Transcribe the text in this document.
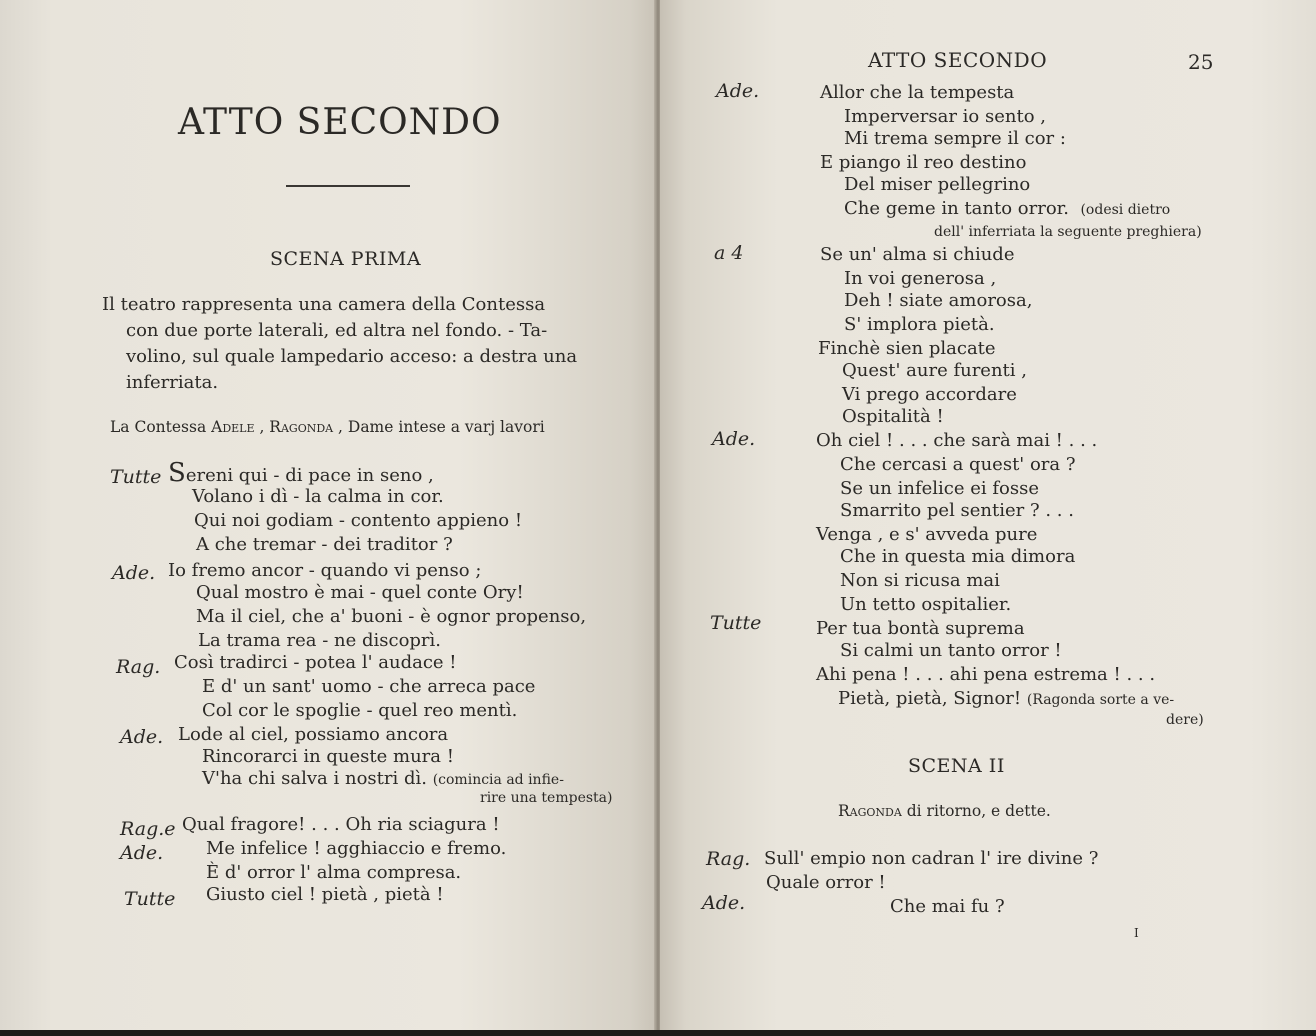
ATTO SECONDO
SCENA PRIMA
Il teatro rappresenta una camera della Contessa
con due porte laterali, ed altra nel fondo. - Ta-
volino, sul quale lampedario acceso: a destra una
inferriata.
La Contessa Adele , Ragonda , Dame intese a varj lavori
Tutte
Ade.
Rag.
Ade.
Rag.e
Ade.
Tutte
Sereni qui - di pace in seno ,
Volano i dì - la calma in cor.
Qui noi godiam - contento appieno !
A che tremar - dei traditor ?
Io fremo ancor - quando vi penso ;
Qual mostro è mai - quel conte Ory!
Ma il ciel, che a' buoni - è ognor propenso,
La trama rea - ne discoprì.
Così tradirci - potea l' audace !
E d' un sant' uomo - che arreca pace
Col cor le spoglie - quel reo mentì.
Lode al ciel, possiamo ancora
Rincorarci in queste mura !
V'ha chi salva i nostri dì. (comincia ad infie-
rire una tempesta)
Qual fragore! . . . Oh ria sciagura !
Me infelice ! agghiaccio e fremo.
È d' orror l' alma compresa.
Giusto ciel ! pietà , pietà !
ATTO SECONDO	25
Ade.
a 4
Ade.
Tutte
Rag.
Ade.
Allor che la tempesta
Imperversar io sento ,
Mi trema sempre il cor :
E piango il reo destino
Del miser pellegrino
Che geme in tanto orror. (odesi dietro
dell' inferriata la seguente preghiera)
Se un' alma si chiude
In voi generosa ,
Deh ! siate amorosa,
S' implora pietà.
Finchè sien placate
Quest' aure furenti ,
Vi prego accordare
Ospitalità !
Oh ciel ! . . . che sarà mai ! . . .
Che cercasi a quest' ora ?
Se un infelice ei fosse
Smarrito pel sentier ? . . .
Venga , e s' avveda pure
Che in questa mia dimora
Non si ricusa mai
Un tetto ospitalier.
Per tua bontà suprema
Si calmi un tanto orror !
Ahi pena ! . . . ahi pena estrema ! . . .
Pietà, pietà, Signor! (Ragonda sorte a ve-
dere)
SCENA II
Ragonda di ritorno, e dette.
Sull' empio non cadran l' ire divine ?
Quale orror !
Che mai fu ?
I
